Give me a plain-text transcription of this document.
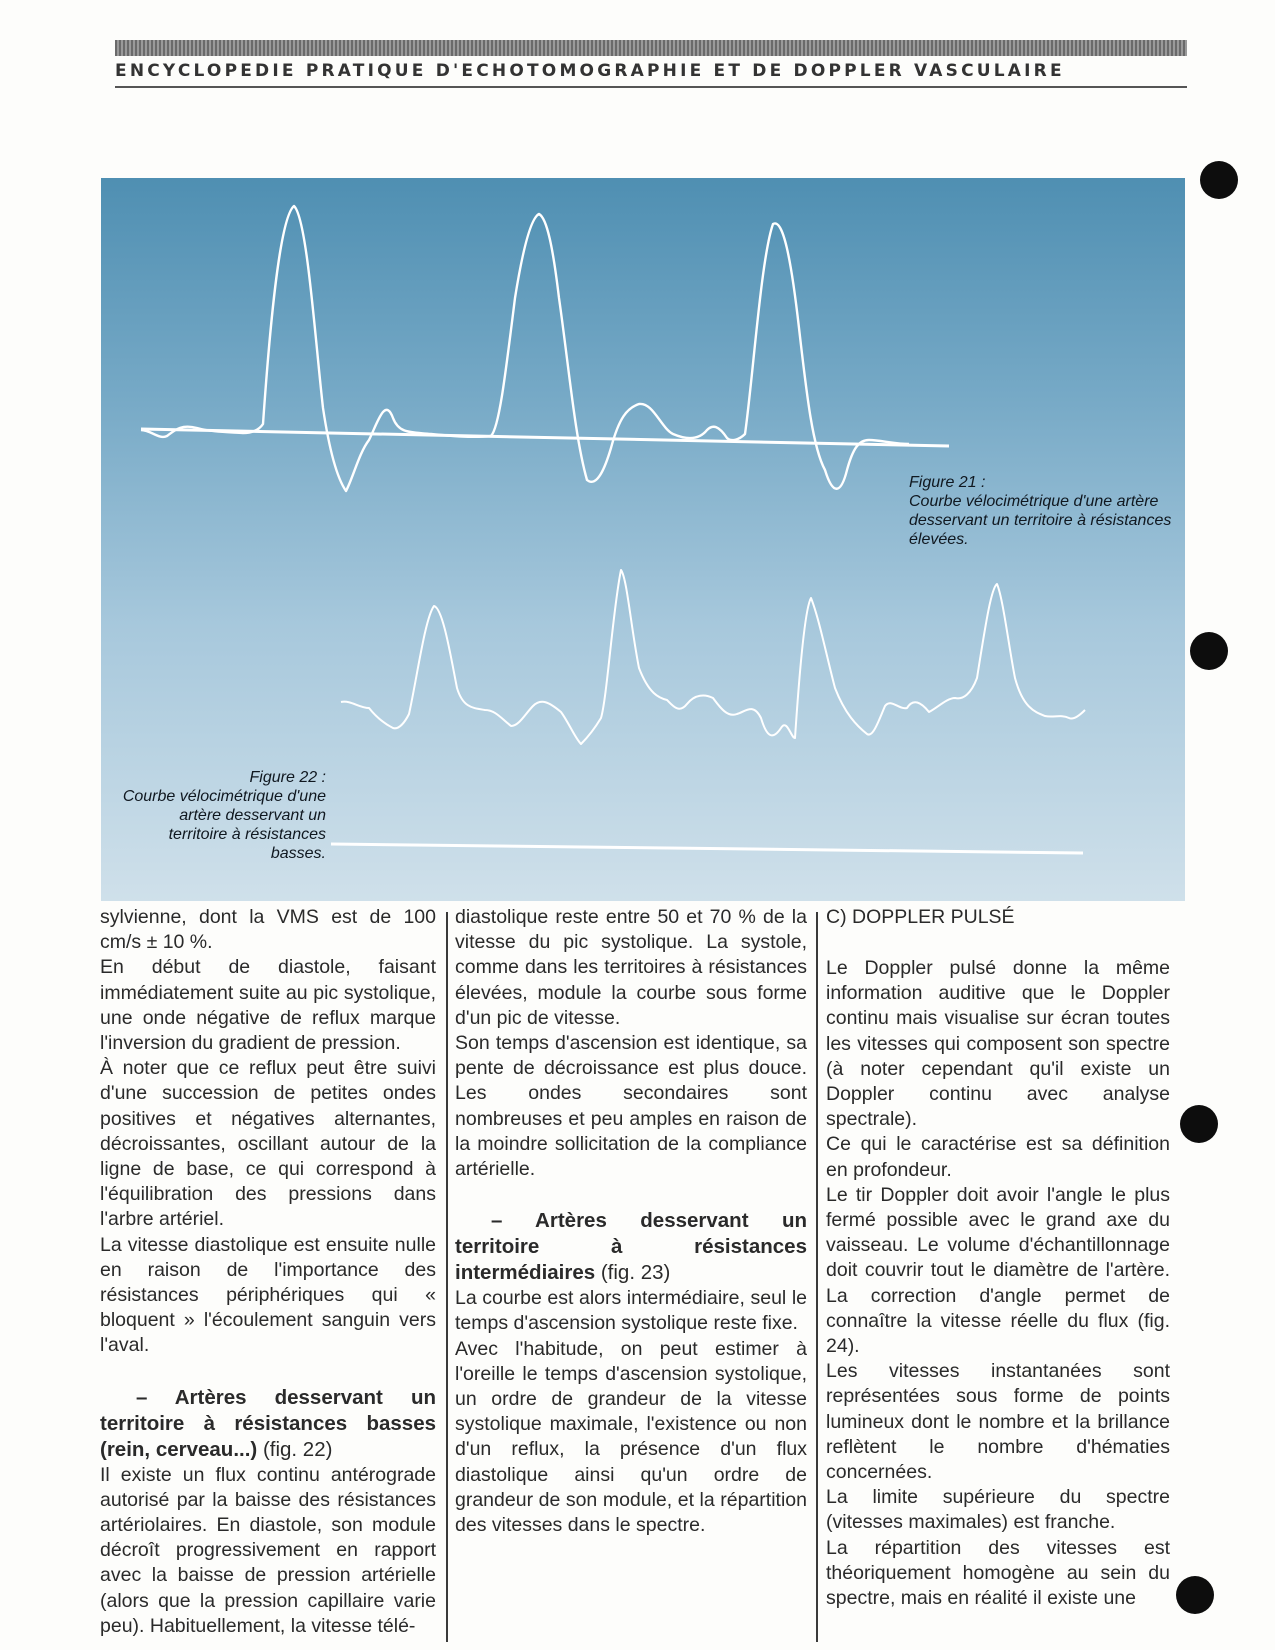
ENCYCLOPEDIE PRATIQUE D'ECHOTOMOGRAPHIE ET DE DOPPLER VASCULAIRE
Figure 21 :
Courbe vélocimétrique d'une artère desservant un territoire à résistances élevées.
Figure 22 :
Courbe vélocimétrique d'une artère desservant un territoire à résistances basses.

sylvienne, dont la VMS est de 100 cm/s ± 10 %.

En début de diastole, faisant immédiatement suite au pic systolique, une onde négative de reflux marque l'inversion du gradient de pression.

À noter que ce reflux peut être suivi d'une succession de petites ondes positives et négatives alternantes, décroissantes, oscillant autour de la ligne de base, ce qui correspond à l'équilibration des pressions dans l'arbre artériel.

La vitesse diastolique est ensuite nulle en raison de l'importance des résistances périphériques qui « bloquent » l'écoulement sanguin vers l'aval.

– Artères desservant un territoire à résistances basses (rein, cerveau...) (fig. 22)

Il existe un flux continu antérograde autorisé par la baisse des résistances artériolaires. En diastole, son module décroît progressivement en rapport avec la baisse de pression artérielle (alors que la pression capillaire varie peu). Habituellement, la vitesse télé-

diastolique reste entre 50 et 70 % de la vitesse du pic systolique. La systole, comme dans les territoires à résistances élevées, module la courbe sous forme d'un pic de vitesse.

Son temps d'ascension est identique, sa pente de décroissance est plus douce. Les ondes secondaires sont nombreuses et peu amples en raison de la moindre sollicitation de la compliance artérielle.

– Artères desservant un territoire à résistances intermédiaires (fig. 23)

La courbe est alors intermédiaire, seul le temps d'ascension systolique reste fixe.

Avec l'habitude, on peut estimer à l'oreille le temps d'ascension systolique, un ordre de grandeur de la vitesse systolique maximale, l'existence ou non d'un reflux, la présence d'un flux diastolique ainsi qu'un ordre de grandeur de son module, et la répartition des vitesses dans le spectre.

C) DOPPLER PULSÉ

Le Doppler pulsé donne la même information auditive que le Doppler continu mais visualise sur écran toutes les vitesses qui composent son spectre (à noter cependant qu'il existe un Doppler continu avec analyse spectrale).

Ce qui le caractérise est sa définition en profondeur.

Le tir Doppler doit avoir l'angle le plus fermé possible avec le grand axe du vaisseau. Le volume d'échantillonnage doit couvrir tout le diamètre de l'artère. La correction d'angle permet de connaître la vitesse réelle du flux (fig. 24).

Les vitesses instantanées sont représentées sous forme de points lumineux dont le nombre et la brillance reflètent le nombre d'hématies concernées.

La limite supérieure du spectre (vitesses maximales) est franche.

La répartition des vitesses est théoriquement homogène au sein du spectre, mais en réalité il existe une
